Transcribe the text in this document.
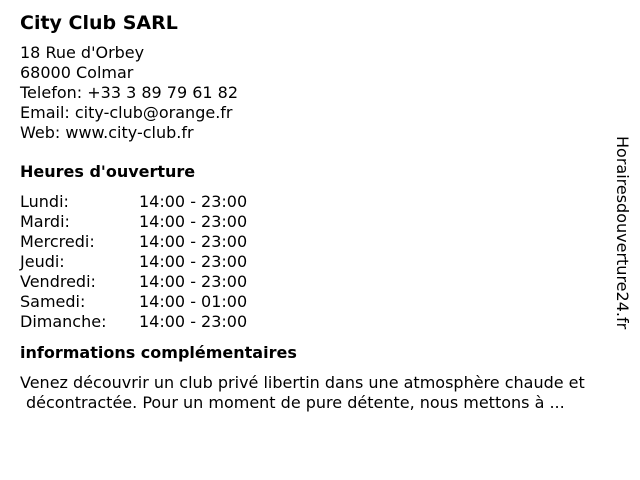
City Club SARL
18 Rue d'Orbey
68000 Colmar
Telefon: +33 3 89 79 61 82
Email: city-club@orange.fr
Web: www.city-club.fr
Heures d'ouverture
Lundi:	14:00 - 23:00
Mardi:	14:00 - 23:00
Mercredi:	14:00 - 23:00
Jeudi:	14:00 - 23:00
Vendredi:	14:00 - 23:00
Samedi:	14:00 - 01:00
Dimanche:	14:00 - 23:00
informations complémentaires
Venez découvrir un club privé libertin dans une atmosphère chaude et
décontractée. Pour un moment de pure détente, nous mettons à ...
Horairesdouverture24.fr
